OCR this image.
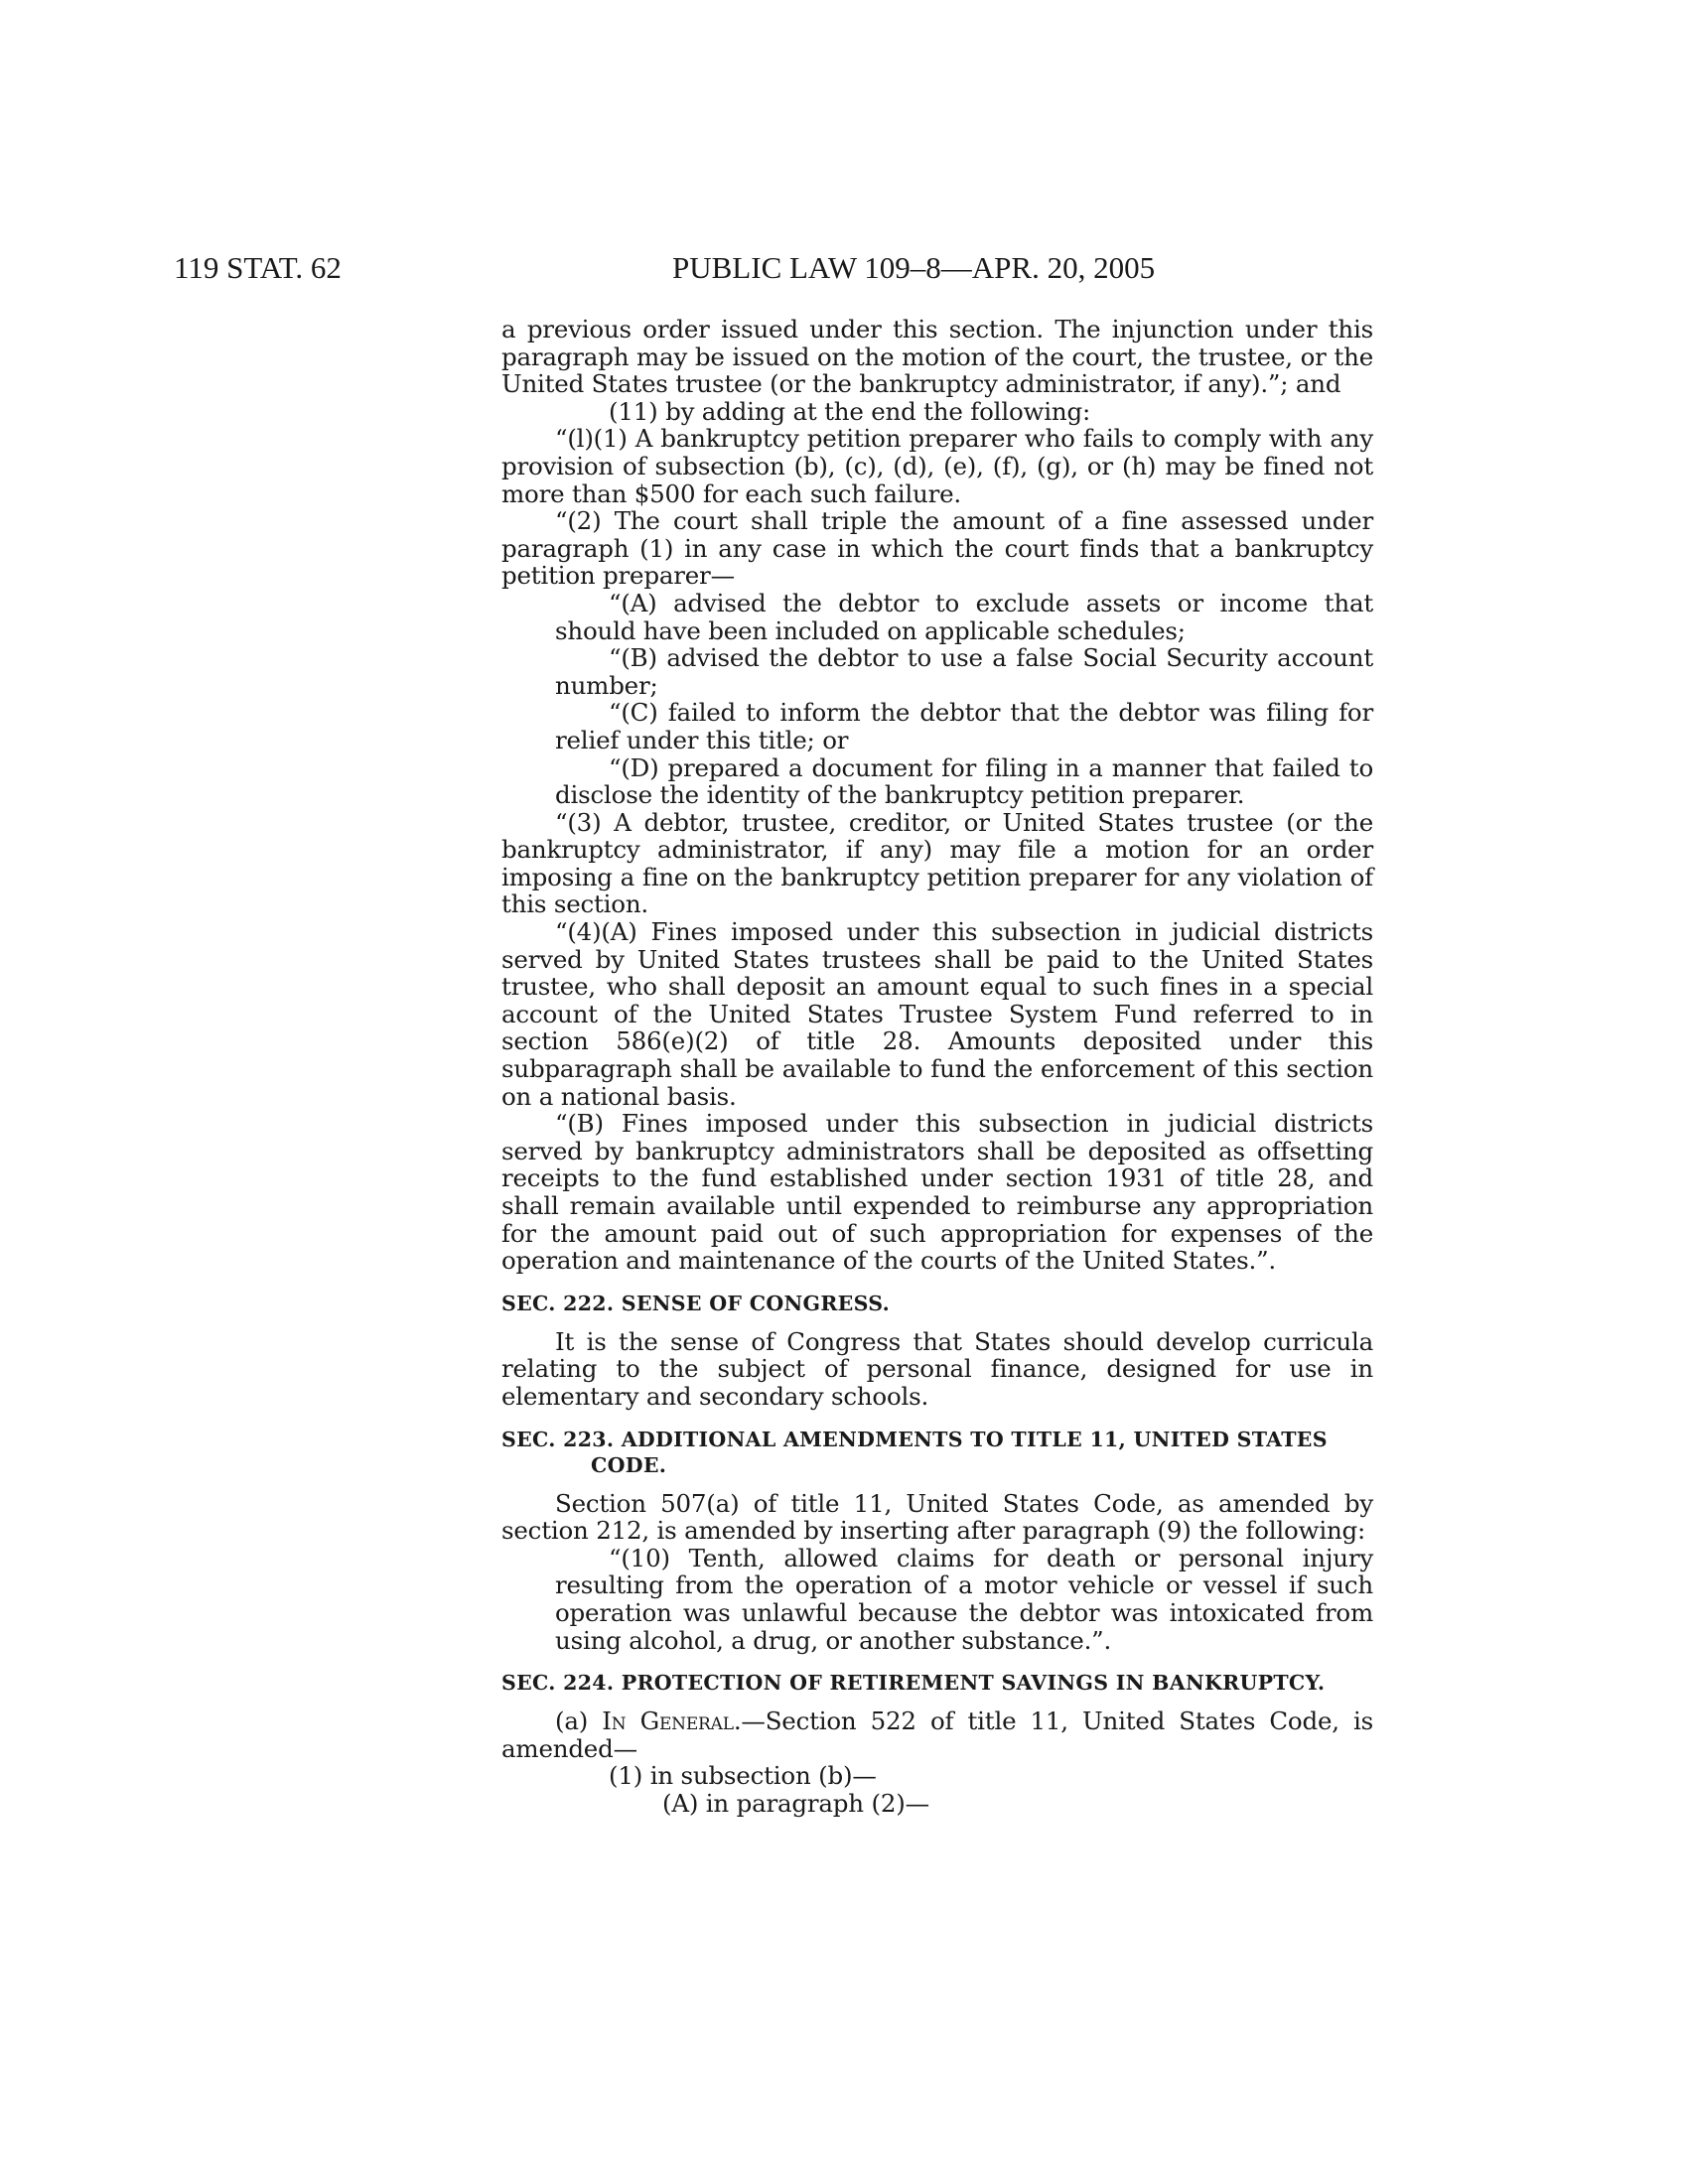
119 STAT. 62	PUBLIC LAW 109–8—APR. 20, 2005

a previous order issued under this section. The injunction under this paragraph may be issued on the motion of the court, the trustee, or the United States trustee (or the bankruptcy administrator, if any).”; and

(11) by adding at the end the following:

“(l)(1) A bankruptcy petition preparer who fails to comply with any provision of subsection (b), (c), (d), (e), (f), (g), or (h) may be fined not more than $500 for each such failure.

“(2) The court shall triple the amount of a fine assessed under paragraph (1) in any case in which the court finds that a bankruptcy petition preparer—

“(A) advised the debtor to exclude assets or income that should have been included on applicable schedules;

“(B) advised the debtor to use a false Social Security account number;

“(C) failed to inform the debtor that the debtor was filing for relief under this title; or

“(D) prepared a document for filing in a manner that failed to disclose the identity of the bankruptcy petition preparer.

“(3) A debtor, trustee, creditor, or United States trustee (or the bankruptcy administrator, if any) may file a motion for an order imposing a fine on the bankruptcy petition preparer for any violation of this section.

“(4)(A) Fines imposed under this subsection in judicial districts served by United States trustees shall be paid to the United States trustee, who shall deposit an amount equal to such fines in a special account of the United States Trustee System Fund referred to in section 586(e)(2) of title 28. Amounts deposited under this subparagraph shall be available to fund the enforcement of this section on a national basis.

“(B) Fines imposed under this subsection in judicial districts served by bankruptcy administrators shall be deposited as offsetting receipts to the fund established under section 1931 of title 28, and shall remain available until expended to reimburse any appropriation for the amount paid out of such appropriation for expenses of the operation and maintenance of the courts of the United States.”.

SEC. 222. SENSE OF CONGRESS.

It is the sense of Congress that States should develop curricula relating to the subject of personal finance, designed for use in elementary and secondary schools.

SEC. 223. ADDITIONAL AMENDMENTS TO TITLE 11, UNITED STATES
CODE.

Section 507(a) of title 11, United States Code, as amended by section 212, is amended by inserting after paragraph (9) the following:

“(10) Tenth, allowed claims for death or personal injury resulting from the operation of a motor vehicle or vessel if such operation was unlawful because the debtor was intoxicated from using alcohol, a drug, or another substance.”.

SEC. 224. PROTECTION OF RETIREMENT SAVINGS IN BANKRUPTCY.

(a) In General.—Section 522 of title 11, United States Code, is amended—

(1) in subsection (b)—

(A) in paragraph (2)—
